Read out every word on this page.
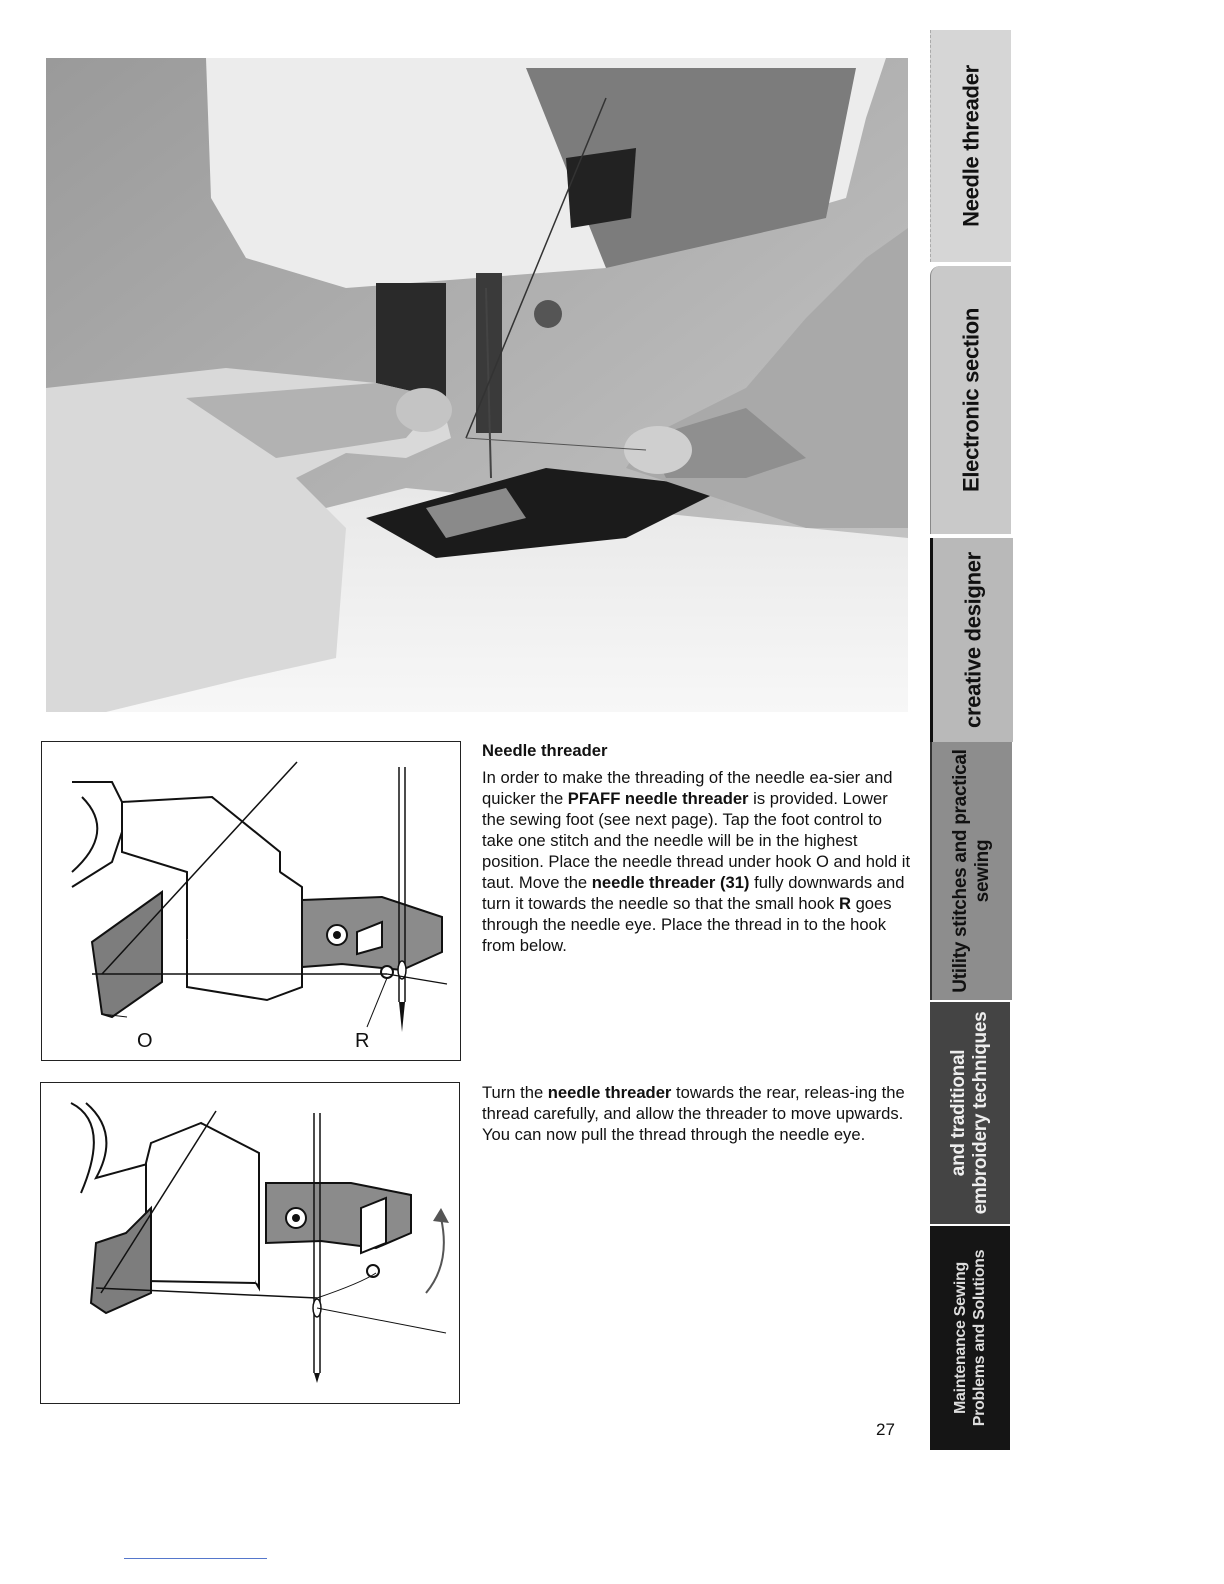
O	R

Needle threader

In order to make the threading of the needle ea-sier and quicker the PFAFF needle threader is provided. Lower the sewing foot (see next page). Tap the foot control to take one stitch and the needle will be in the highest position. Place the needle thread under hook O and hold it taut. Move the needle threader (31) fully downwards and turn it towards the needle so that the small hook R goes through the needle eye. Place the thread in to the hook from below.

Turn the needle threader towards the rear, releas-ing the thread carefully, and allow the threader to move upwards. You can now pull the thread through the needle eye.

27
Needle threader
Electronic section
creative designer
Utility stitches and practical sewing
and traditional embroidery techniques
Maintenance Sewing Problems and Solutions
